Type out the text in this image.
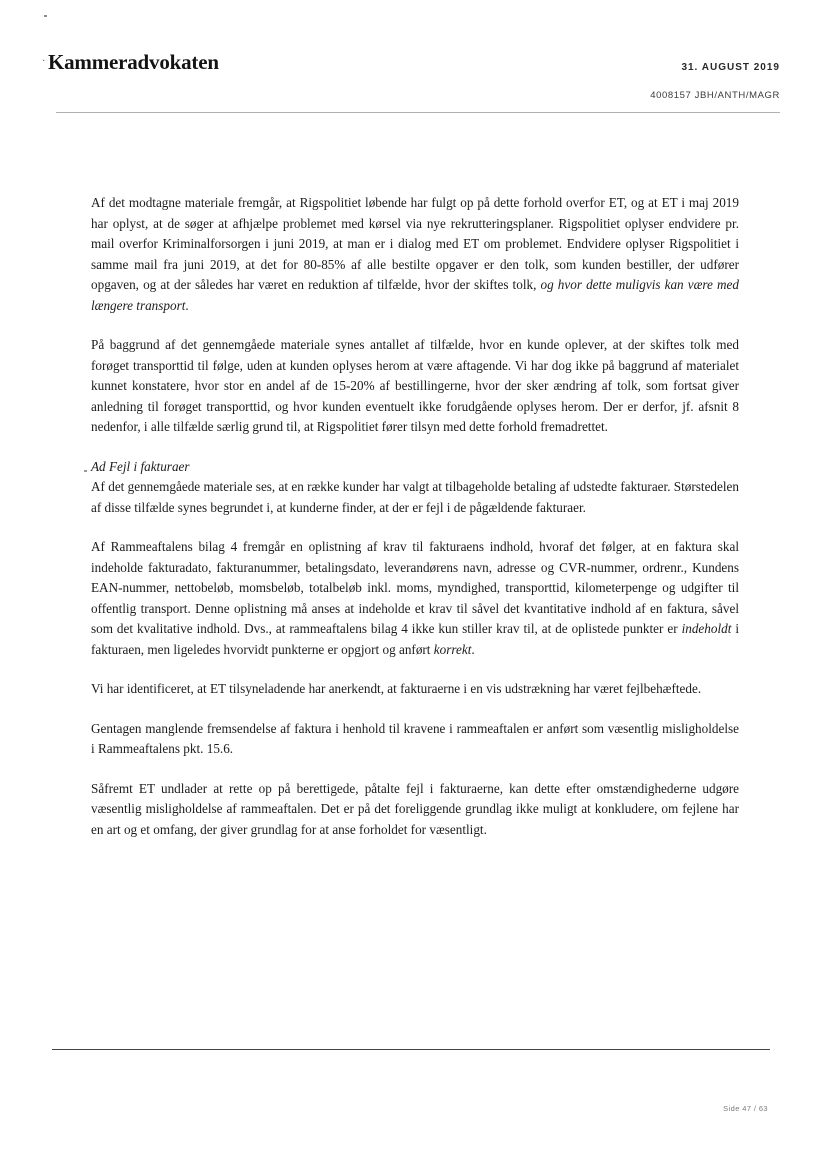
· Kammeradvokaten	31. AUGUST 2019
4008157 JBH/ANTH/MAGR

Af det modtagne materiale fremgår, at Rigspolitiet løbende har fulgt op på dette forhold overfor ET, og at ET i maj 2019 har oplyst, at de søger at afhjælpe problemet med kørsel via nye rekrutteringsplaner. Rigspolitiet oplyser endvidere pr. mail overfor Kriminalforsorgen i juni 2019, at man er i dialog med ET om problemet. Endvidere oplyser Rigspolitiet i samme mail fra juni 2019, at det for 80-85% af alle bestilte opgaver er den tolk, som kunden bestiller, der udfører opgaven, og at der således har været en reduktion af tilfælde, hvor der skiftes tolk, og hvor dette muligvis kan være med længere transport.

På baggrund af det gennemgåede materiale synes antallet af tilfælde, hvor en kunde oplever, at der skiftes tolk med forøget transporttid til følge, uden at kunden oplyses herom at være aftagende. Vi har dog ikke på baggrund af materialet kunnet konstatere, hvor stor en andel af de 15-20% af bestillingerne, hvor der sker ændring af tolk, som fortsat giver anledning til forøget transporttid, og hvor kunden eventuelt ikke forudgående oplyses herom. Der er derfor, jf. afsnit 8 nedenfor, i alle tilfælde særlig grund til, at Rigspolitiet fører tilsyn med dette forhold fremadrettet.

Ad Fejl i fakturaer

Af det gennemgåede materiale ses, at en række kunder har valgt at tilbageholde betaling af udstedte fakturaer. Størstedelen af disse tilfælde synes begrundet i, at kunderne finder, at der er fejl i de pågældende fakturaer.

Af Rammeaftalens bilag 4 fremgår en oplistning af krav til fakturaens indhold, hvoraf det følger, at en faktura skal indeholde fakturadato, fakturanummer, betalingsdato, leverandørens navn, adresse og CVR-nummer, ordrenr., Kundens EAN-nummer, nettobeløb, momsbeløb, totalbeløb inkl. moms, myndighed, transporttid, kilometerpenge og udgifter til offentlig transport. Denne oplistning må anses at indeholde et krav til såvel det kvantitative indhold af en faktura, såvel som det kvalitative indhold. Dvs., at rammeaftalens bilag 4 ikke kun stiller krav til, at de oplistede punkter er indeholdt i fakturaen, men ligeledes hvorvidt punkterne er opgjort og anført korrekt.

Vi har identificeret, at ET tilsyneladende har anerkendt, at fakturaerne i en vis udstrækning har været fejlbehæftede.

Gentagen manglende fremsendelse af faktura i henhold til kravene i rammeaftalen er anført som væsentlig misligholdelse i Rammeaftalens pkt. 15.6.

Såfremt ET undlader at rette op på berettigede, påtalte fejl i fakturaerne, kan dette efter omstændighederne udgøre væsentlig misligholdelse af rammeaftalen. Det er på det foreliggende grundlag ikke muligt at konkludere, om fejlene har en art og et omfang, der giver grundlag for at anse forholdet for væsentligt.

Side 47 / 63
